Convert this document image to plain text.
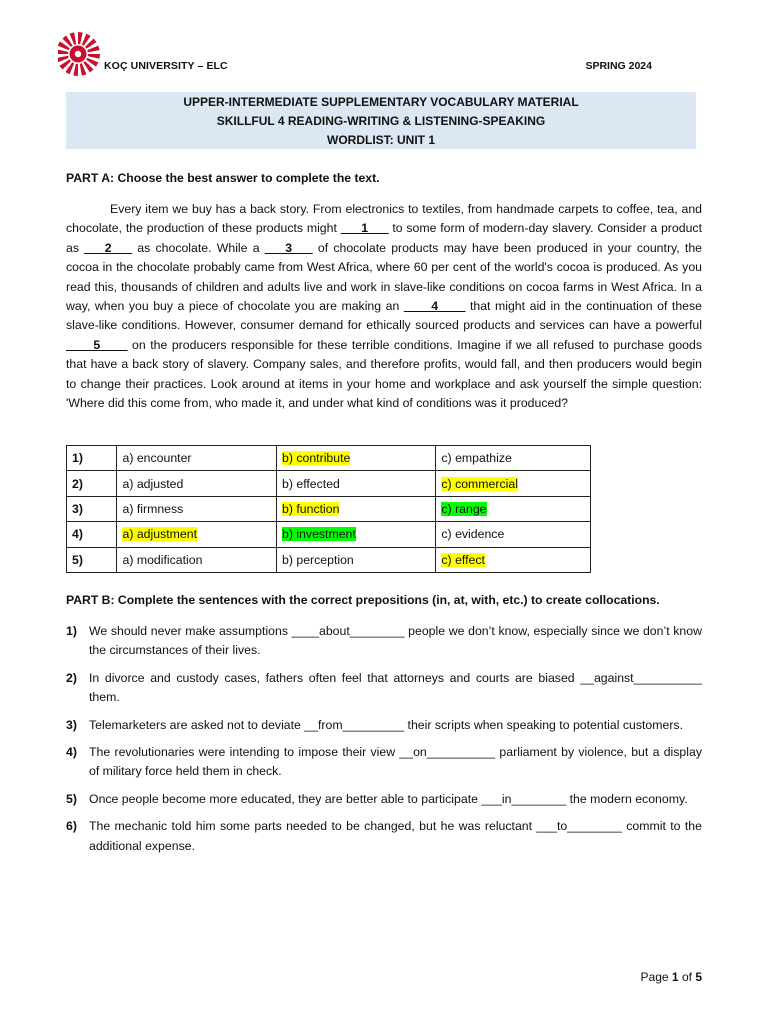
KOÇ UNIVERSITY – ELC	SPRING 2024
UPPER-INTERMEDIATE SUPPLEMENTARY VOCABULARY MATERIAL
SKILLFUL 4 READING-WRITING & LISTENING-SPEAKING
WORDLIST: UNIT 1
PART A: Choose the best answer to complete the text.

Every item we buy has a back story. From electronics to textiles, from handmade carpets to coffee, tea, and chocolate, the production of these products might ___1___ to some form of modern-day slavery. Consider a product as ___2___ as chocolate. While a ___3___ of chocolate products may have been produced in your country, the cocoa in the chocolate probably came from West Africa, where 60 per cent of the world's cocoa is produced. As you read this, thousands of children and adults live and work in slave-like conditions on cocoa farms in West Africa. In a way, when you buy a piece of chocolate you are making an ____4____ that might aid in the continuation of these slave-like conditions. However, consumer demand for ethically sourced products and services can have a powerful ____5____ on the producers responsible for these terrible conditions. Imagine if we all refused to purchase goods that have a back story of slavery. Company sales, and therefore profits, would fall, and then producers would begin to change their practices. Look around at items in your home and workplace and ask yourself the simple question: 'Where did this come from, who made it, and under what kind of conditions was it produced?

1)	a) encounter	b) contribute	c) empathize
2)	a) adjusted	b) effected	c) commercial
3)	a) firmness	b) function	c) range
4)	a) adjustment	b) investment	c) evidence
5)	a) modification	b) perception	c) effect
PART B: Complete the sentences with the correct prepositions (in, at, with, etc.) to create collocations.
1) We should never make assumptions ____about________ people we don’t know, especially since we don’t know the circumstances of their lives.
2) In divorce and custody cases, fathers often feel that attorneys and courts are biased __against__________ them.
3) Telemarketers are asked not to deviate __from_________ their scripts when speaking to potential customers.
4) The revolutionaries were intending to impose their view __on__________ parliament by violence, but a display of military force held them in check.
5) Once people become more educated, they are better able to participate ___in________ the modern economy.
6) The mechanic told him some parts needed to be changed, but he was reluctant ___to________ commit to the additional expense.
Page 1 of 5
